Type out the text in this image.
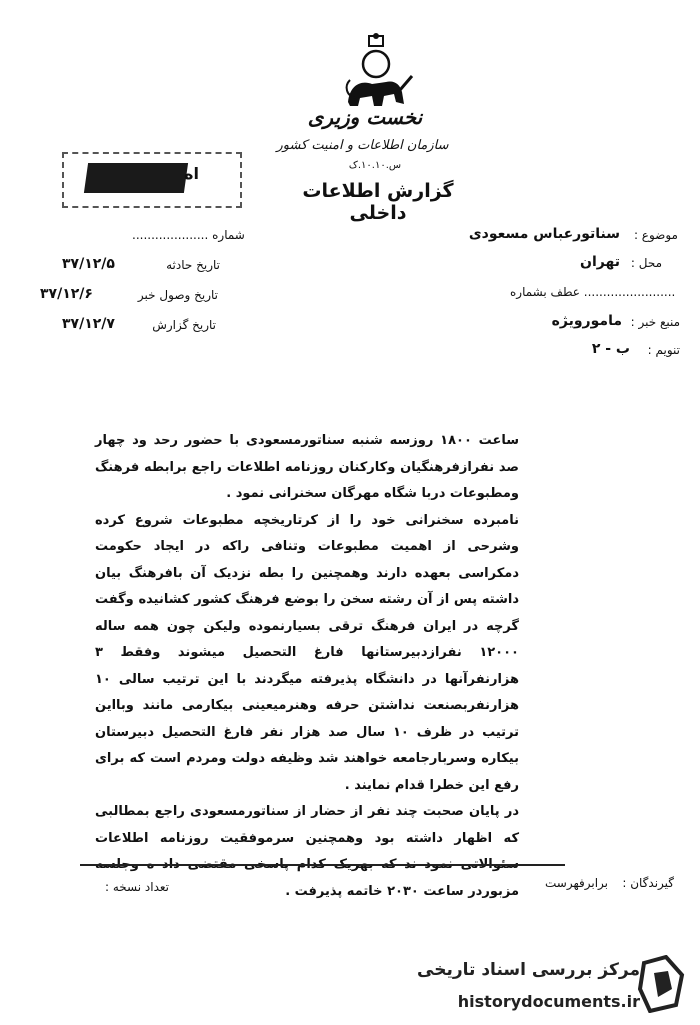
نخست وزیری
سازمان اطلاعات و امنیت کشور
س.۱۰.۱۰.ک
گزارش اطلاعات داخلی
اه
شماره ....................
تاریخ حادثه
۳۷/۱۲/۵
تاریخ وصول خبر
۳۷/۱۲/۶
تاریخ گزارش
۳۷/۱۲/۷
موضوع :
سناتورعباس مسعودی
محل :
تهران
........................ عطف بشماره
منبع خبر :
مامورویژه
تنویم :
ب - ۲

ساعت ۱۸۰۰ روزسه شنبه سناتورمسعودی با حضور رحد ود چهار صد نفرازفرهنگیان وکارکنان روزنامه اطلاعات راجع برابطه فرهنگ ومطبوعات دربا شگاه مهرگان سخنرانی نمود .

نامبرده سخنرانی خود را از کرتاریخچه مطبوعات شروع کرده وشرحی از اهمیت مطبوعات وتنافی راکه در ایجاد حکومت دمکراسی بعهده دارند وهمچنین را بطه نزدیک آن بافرهنگ بیان داشته پس از آن رشته سخن را بوضع فرهنگ کشور کشانیده وگفت گرچه در ایران فرهنگ ترقی بسیارنموده ولیکن چون همه ساله ۱۲۰۰۰ نفرازدبیرستانها فارغ التحصیل میشوند وفقط ۳ هزارنفرآنها در دانشگاه پذیرفته میگردند با این ترتیب سالی ۱۰ هزارنفربصنعت نداشتن حرفه وهنرمیعینی بیکارمی مانند وبااین ترتیب در ظرف ۱۰ سال صد هزار نفر فارغ التحصیل دبیرستان بیکاره وسربارجامعه خواهند شد وظیفه دولت ومردم است که برای رفع این خطرا قدام نمایند .

در پایان صحبت چند نفر از حضار از سناتورمسعودی راجع بمطالبی که اظهار داشته بود وهمچنین سرموفقیت روزنامه اطلاعات سئوالاتی نمود ند که بهریک کدام پاسخی مقتضی داد ه وجلسه مزبوردر ساعت ۲۰۳۰ خاتمه پذیرفت .

گیرندگان :
برابرفهرست
تعداد نسخه :
مرکز بررسی اسناد تاریخی
historydocuments.ir
